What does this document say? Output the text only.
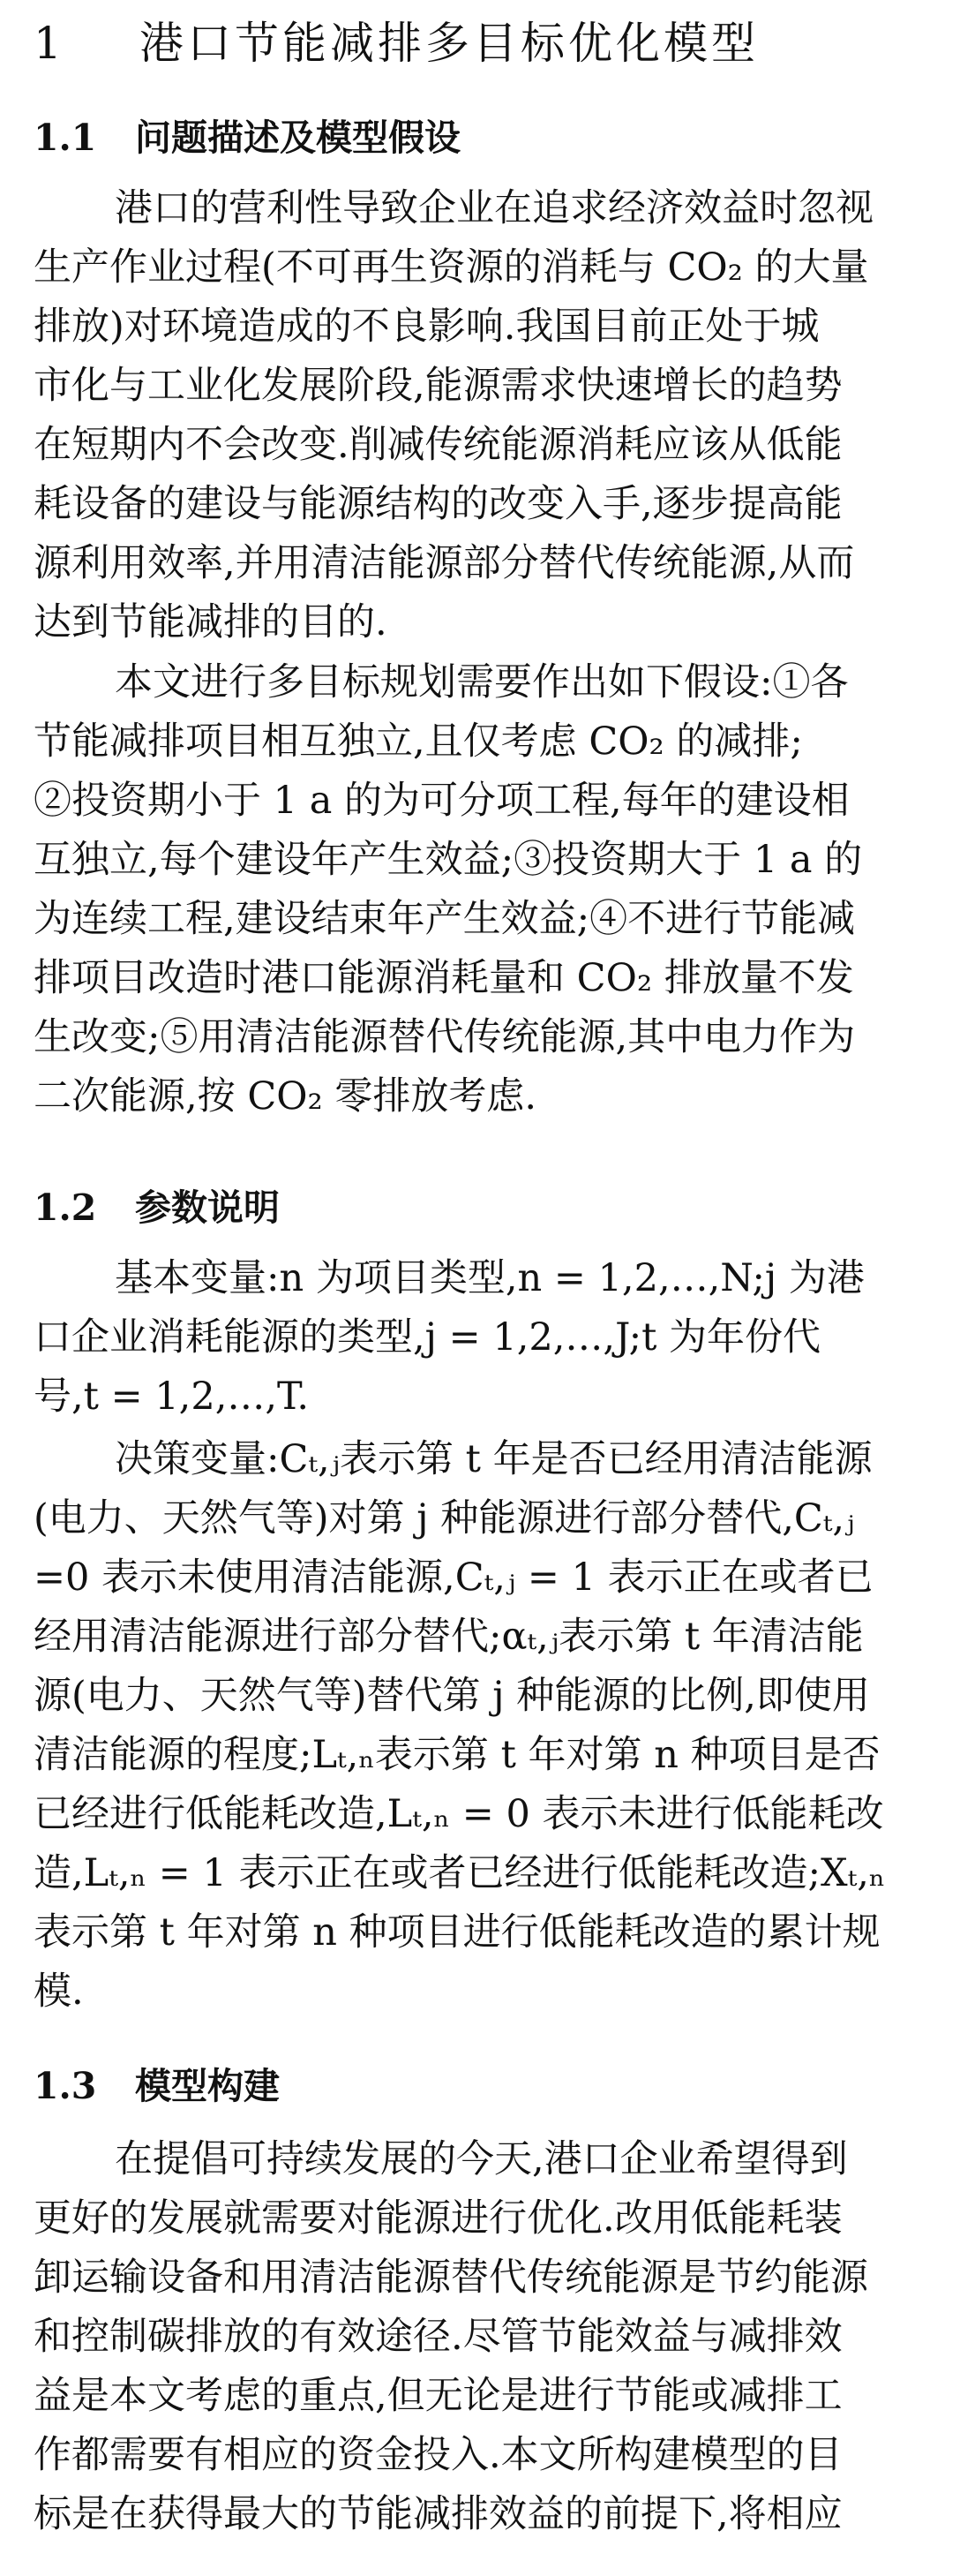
1 港口节能减排多目标优化模型
1.1 问题描述及模型假设
港口的营利性导致企业在追求经济效益时忽视
生产作业过程(不可再生资源的消耗与 CO₂ 的大量
排放)对环境造成的不良影响.我国目前正处于城
市化与工业化发展阶段,能源需求快速增长的趋势
在短期内不会改变.削减传统能源消耗应该从低能
耗设备的建设与能源结构的改变入手,逐步提高能
源利用效率,并用清洁能源部分替代传统能源,从而
达到节能减排的目的.
本文进行多目标规划需要作出如下假设:①各
节能减排项目相互独立,且仅考虑 CO₂ 的减排;
②投资期小于 1 a 的为可分项工程,每年的建设相
互独立,每个建设年产生效益;③投资期大于 1 a 的
为连续工程,建设结束年产生效益;④不进行节能减
排项目改造时港口能源消耗量和 CO₂ 排放量不发
生改变;⑤用清洁能源替代传统能源,其中电力作为
二次能源,按 CO₂ 零排放考虑.
1.2 参数说明
基本变量:n 为项目类型,n = 1,2,…,N;j 为港
口企业消耗能源的类型,j = 1,2,…,J;t 为年份代
号,t = 1,2,…,T.
决策变量:Cₜ,ⱼ表示第 t 年是否已经用清洁能源
(电力、天然气等)对第 j 种能源进行部分替代,Cₜ,ⱼ
=0 表示未使用清洁能源,Cₜ,ⱼ = 1 表示正在或者已
经用清洁能源进行部分替代;αₜ,ⱼ表示第 t 年清洁能
源(电力、天然气等)替代第 j 种能源的比例,即使用
清洁能源的程度;Lₜ,ₙ表示第 t 年对第 n 种项目是否
已经进行低能耗改造,Lₜ,ₙ = 0 表示未进行低能耗改
造,Lₜ,ₙ = 1 表示正在或者已经进行低能耗改造;Xₜ,ₙ
表示第 t 年对第 n 种项目进行低能耗改造的累计规
模.
1.3 模型构建
在提倡可持续发展的今天,港口企业希望得到
更好的发展就需要对能源进行优化.改用低能耗装
卸运输设备和用清洁能源替代传统能源是节约能源
和控制碳排放的有效途径.尽管节能效益与减排效
益是本文考虑的重点,但无论是进行节能或减排工
作都需要有相应的资金投入.本文所构建模型的目
标是在获得最大的节能减排效益的前提下,将相应
